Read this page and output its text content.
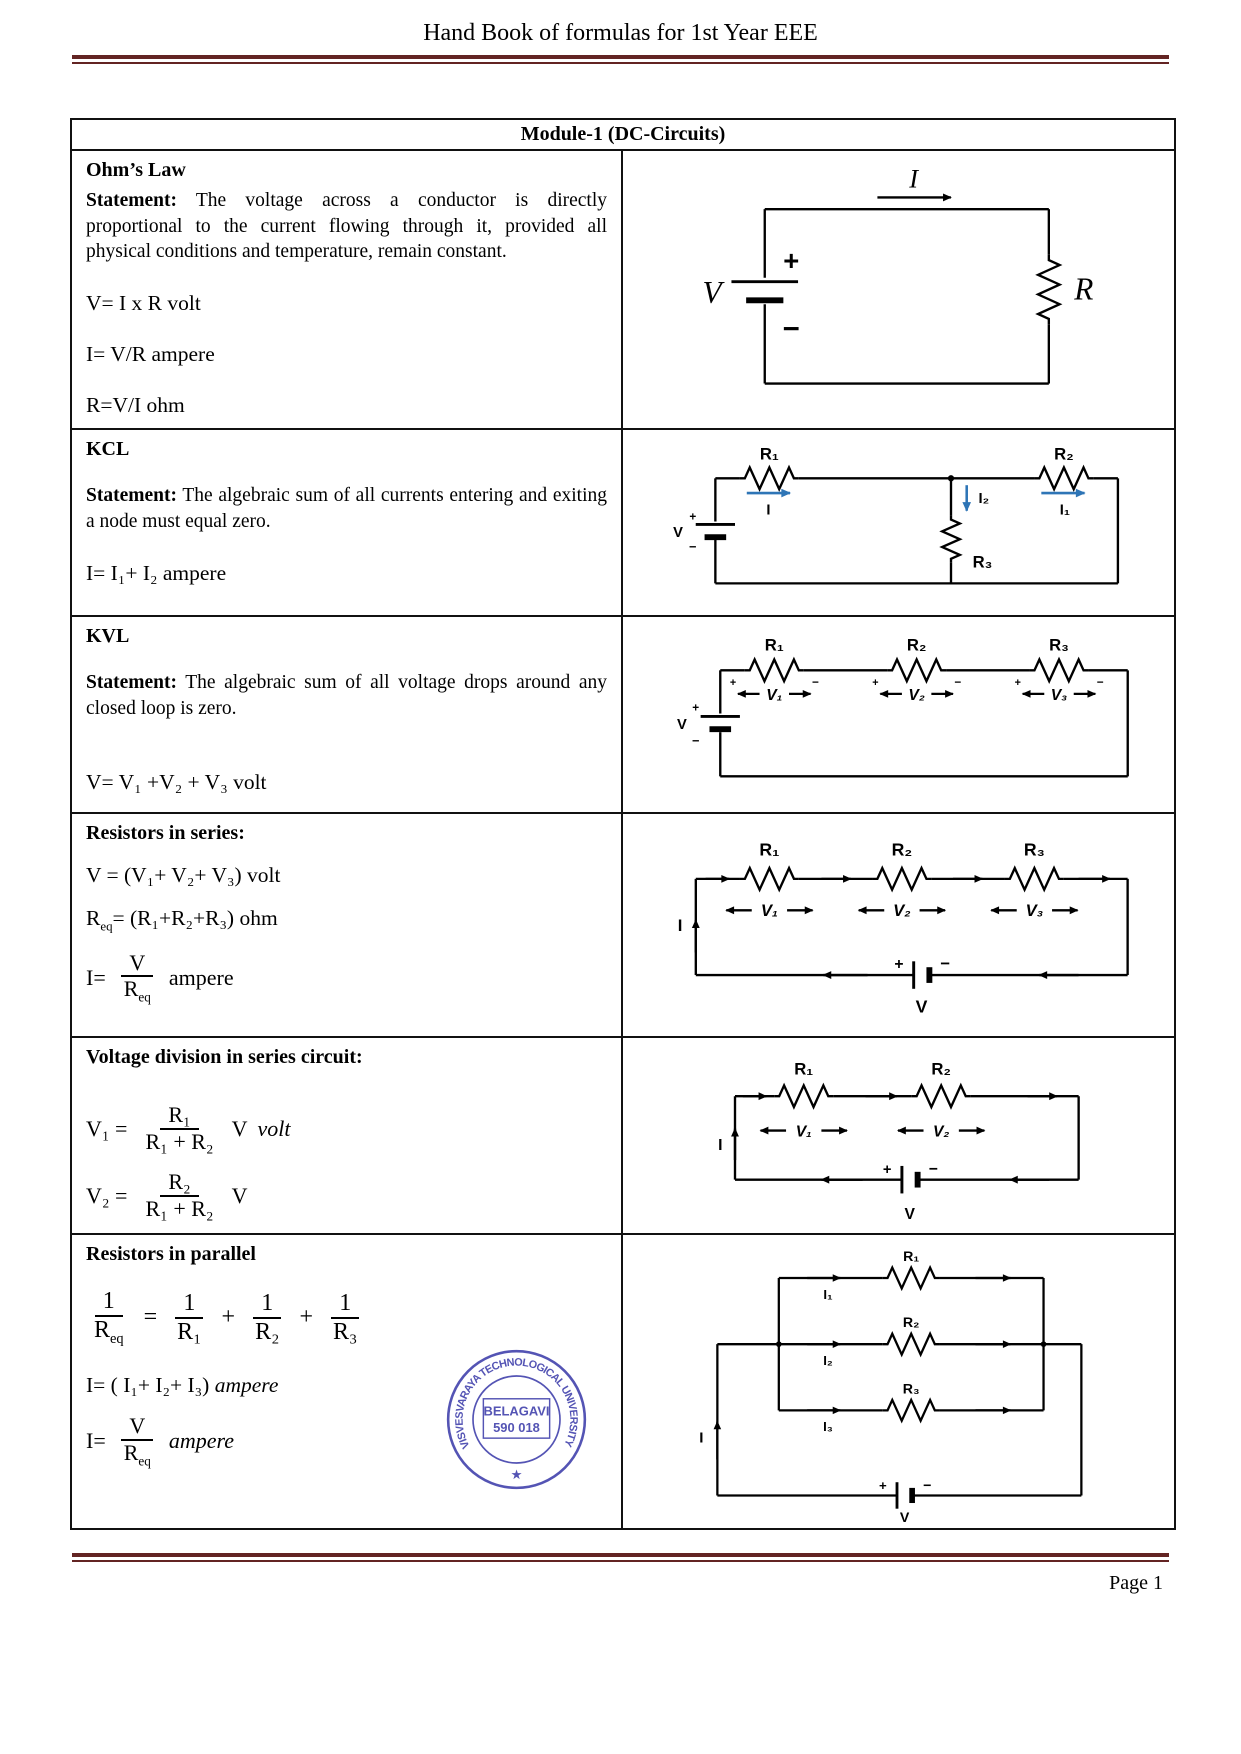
Hand Book of formulas for 1st Year EEE
Module-1 (DC-Circuits)
Ohm’s Law

Statement: The voltage across a conductor is directly proportional to the current flowing through it, provided all physical conditions and temperature, remain constant.

V= I x R volt
I= V/R ampere
R=V/I ohm
I
V
+
−
R
KCL

Statement: The algebraic sum of all currents entering and exiting a node must equal zero.

I= I₁+ I₂ ampere
R₁	R₂
R₃
I	I₁
I₂
V
+
−
KVL

Statement: The algebraic sum of all voltage drops around any closed loop is zero.

V= V₁ +V₂ + V₃ volt
R₁	R₂	R₃
V₁	V₂	V₃
+	−	+	−	+	−
V
+
−
Resistors in series:
V = (V₁+ V₂+ V₃) volt
$R_{eq}= (R_1+R_2+R_3)$ ohm
$I= \frac{V}{R_{eq}}$ ampere
R₁	R₂	R₃
V₁	V₂	V₃
I
+ −
V
Voltage division in series circuit:
$V_1 = \frac{\text{R₁}}{\text{R₁ + R₂}}$ V volt
$V_2 = \frac{\text{R₂}}{\text{R₁ + R₂}}$ V
R₁	R₂
V₁	V₂
I
+ −
V
Resistors in parallel
$\frac{1}{R_{eq}} = \frac{1}{\text{R₁}} + \frac{1}{\text{R₂}} + \frac{1}{\text{R₃}}$
I= ( I₁+ I₂+ I₃) ampere
$I= \frac{V}{R_{eq}}$ ampere	VISVESVARAYA TECHNOLOGICAL UNIVERSITY
BELAGAVI
590 018
★
R₁
R₂
R₃
I₁
I₂
I₃
I
+ −
V
Page 1
